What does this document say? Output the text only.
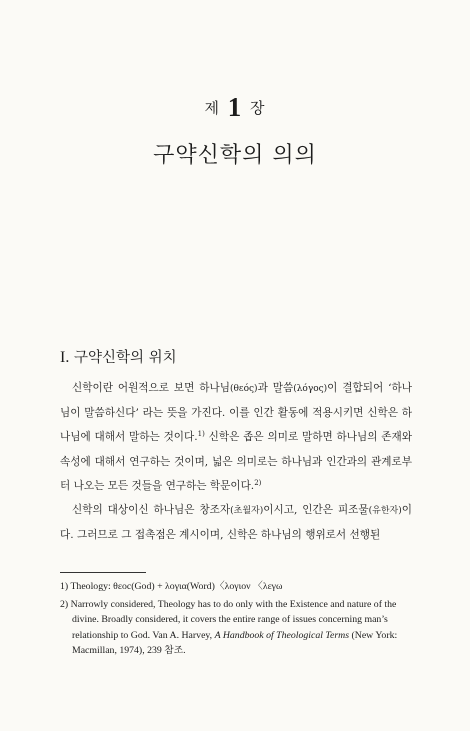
제 1 장
구약신학의 의의
I. 구약신학의 위치

신학이란 어원적으로 보면 하나님(θεός)과 말씀(λόγος)이 결합되어 ‘하나님이 말씀하신다’ 라는 뜻을 가진다. 이를 인간 활동에 적용시키면 신학은 하나님에 대해서 말하는 것이다.$^{1)}$ 신학은 좁은 의미로 말하면 하나님의 존재와 속성에 대해서 연구하는 것이며, 넓은 의미로는 하나님과 인간과의 관계로부터 나오는 모든 것들을 연구하는 학문이다.$^{2)}$

신학의 대상이신 하나님은 창조자(초월자)이시고, 인간은 피조물(유한자)이다. 그러므로 그 접촉점은 계시이며, 신학은 하나님의 행위로서 선행된

1) Theology: θεοc(God) + λογια(Word)〈λογιον 〈λεγω
2) Narrowly considered, Theology has to do only with the Existence and nature of the divine. Broadly considered, it covers the entire range of issues concerning man’s relationship to God. Van A. Harvey, A Handbook of Theological Terms (New York: Macmillan, 1974), 239 참조.
